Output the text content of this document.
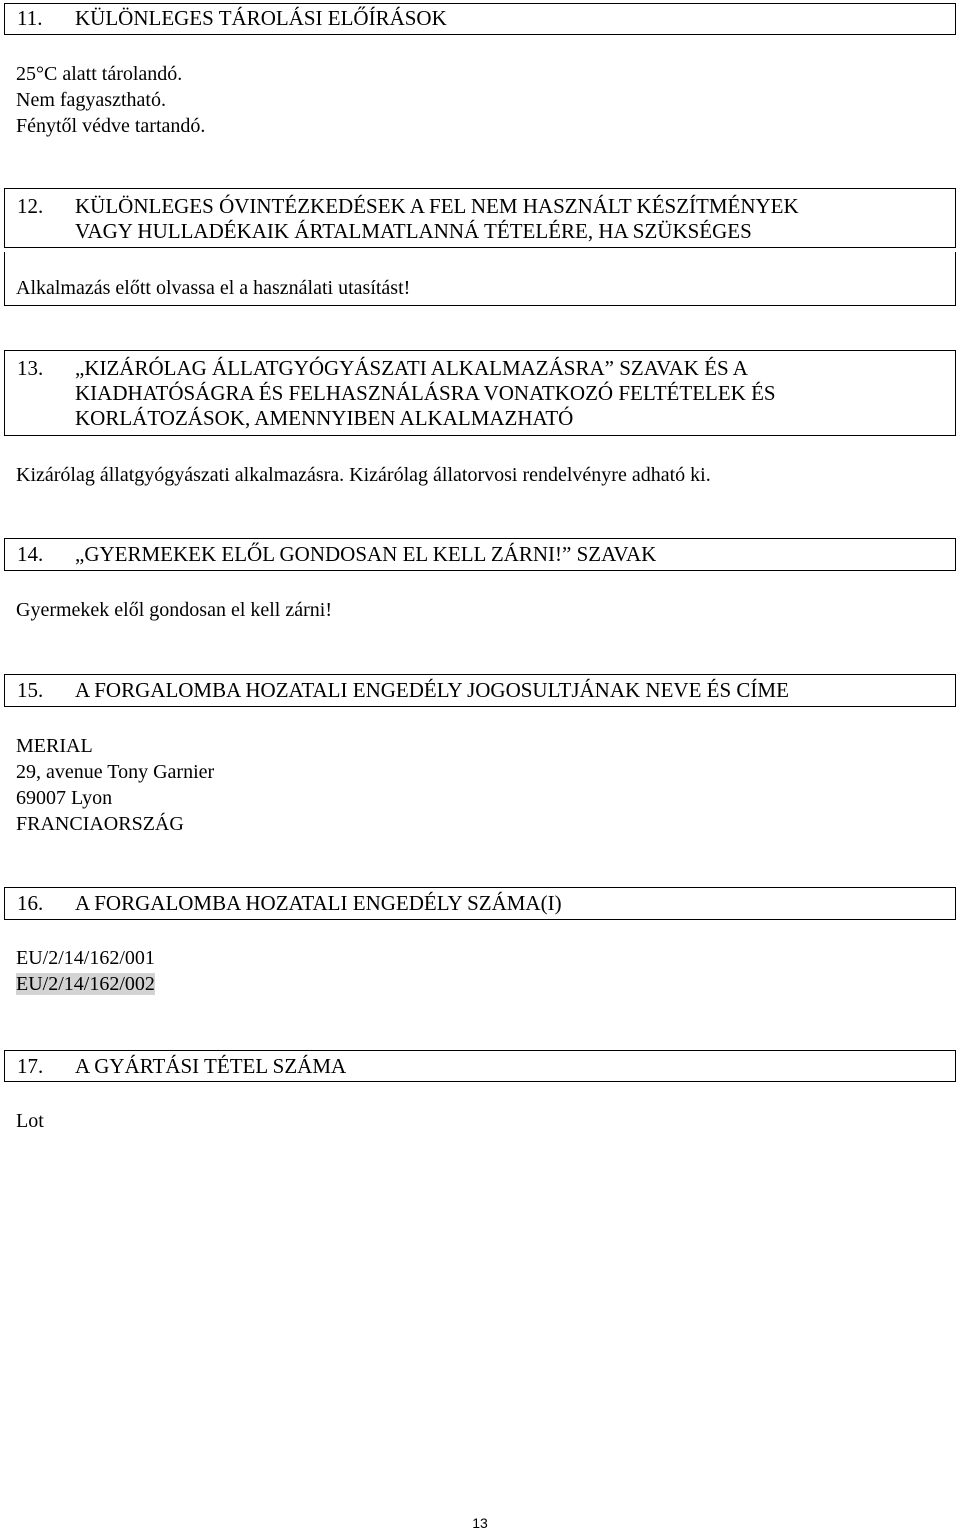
11.	KÜLÖNLEGES TÁROLÁSI ELŐÍRÁSOK
25°C alatt tárolandó.
Nem fagyasztható.
Fénytől védve tartandó.
12.	KÜLÖNLEGES ÓVINTÉZKEDÉSEK A FEL NEM HASZNÁLT KÉSZÍTMÉNYEK
VAGY HULLADÉKAIK ÁRTALMATLANNÁ TÉTELÉRE, HA SZÜKSÉGES
Alkalmazás előtt olvassa el a használati utasítást!
13.	„KIZÁRÓLAG ÁLLATGYÓGYÁSZATI ALKALMAZÁSRA” SZAVAK ÉS A
KIADHATÓSÁGRA ÉS FELHASZNÁLÁSRA VONATKOZÓ FELTÉTELEK ÉS
KORLÁTOZÁSOK, AMENNYIBEN ALKALMAZHATÓ
Kizárólag állatgyógyászati alkalmazásra. Kizárólag állatorvosi rendelvényre adható ki.
14.	„GYERMEKEK ELŐL GONDOSAN EL KELL ZÁRNI!” SZAVAK
Gyermekek elől gondosan el kell zárni!
15.	A FORGALOMBA HOZATALI ENGEDÉLY JOGOSULTJÁNAK NEVE ÉS CÍME
MERIAL
29, avenue Tony Garnier
69007 Lyon
FRANCIAORSZÁG
16.	A FORGALOMBA HOZATALI ENGEDÉLY SZÁMA(I)
EU/2/14/162/001
EU/2/14/162/002
17.	A GYÁRTÁSI TÉTEL SZÁMA
Lot
13
